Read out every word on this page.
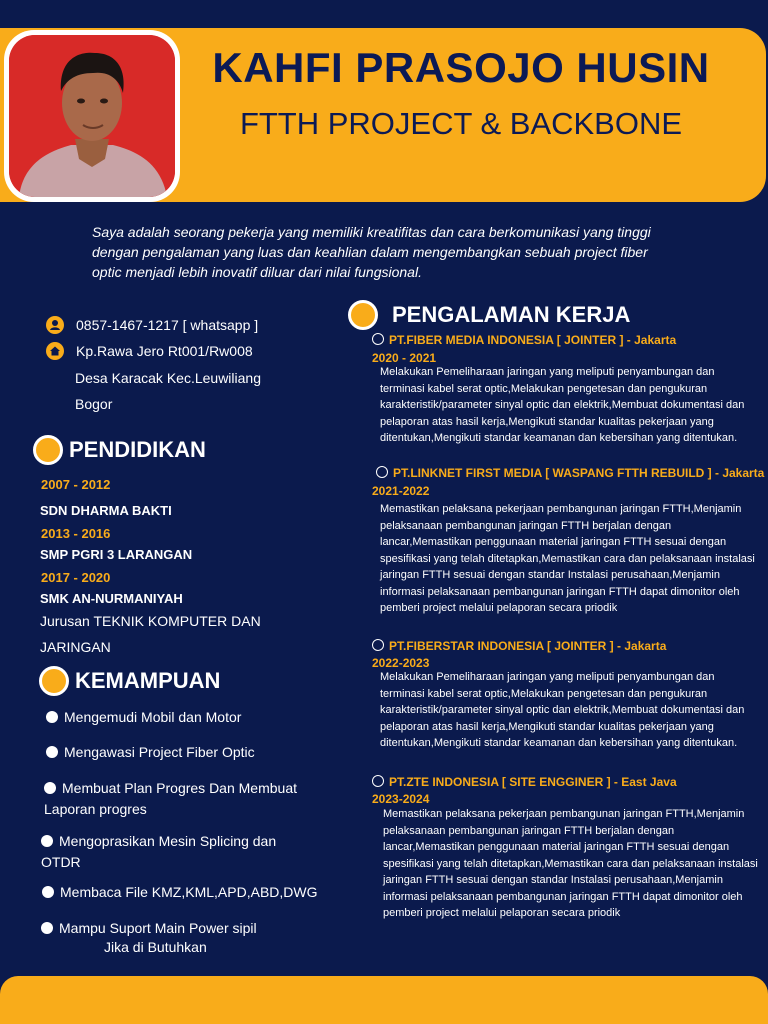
KAHFI PRASOJO HUSIN
FTTH PROJECT & BACKBONE
Saya adalah seorang pekerja yang memiliki kreatifitas dan cara berkomunikasi yang tinggi dengan pengalaman yang luas dan keahlian dalam mengembangkan sebuah project fiber optic menjadi lebih inovatif diluar dari nilai fungsional.
0857-1467-1217 [ whatsapp ]
Kp.Rawa Jero Rt001/Rw008
Desa Karacak Kec.Leuwiliang
Bogor
PENDIDIKAN
2007 - 2012
SDN DHARMA BAKTI
2013 - 2016
SMP PGRI 3 LARANGAN
2017 - 2020
SMK AN-NURMANIYAH
Jurusan TEKNIK KOMPUTER DAN
JARINGAN
KEMAMPUAN
Mengemudi Mobil dan Motor
Mengawasi Project Fiber Optic
Membuat Plan Progres Dan Membuat Laporan progres
Mengoprasikan Mesin Splicing dan OTDR
Membaca File KMZ,KML,APD,ABD,DWG
Mampu Suport Main Power sipil
Jika di Butuhkan
PENGALAMAN KERJA
PT.FIBER MEDIA INDONESIA [ JOINTER ] - Jakarta
2020 - 2021
Melakukan Pemeliharaan jaringan yang meliputi penyambungan dan terminasi kabel serat optic,Melakukan pengetesan dan pengukuran karakteristik/parameter sinyal optic dan elektrik,Membuat dokumentasi dan pelaporan atas hasil kerja,Mengikuti standar kualitas pekerjaan yang ditentukan,Mengikuti standar keamanan dan kebersihan yang ditentukan.
PT.LINKNET FIRST MEDIA [ WASPANG FTTH REBUILD ] - Jakarta
2021-2022
Memastikan pelaksana pekerjaan pembangunan jaringan FTTH,Menjamin pelaksanaan pembangunan jaringan FTTH berjalan dengan lancar,Memastikan penggunaan material jaringan FTTH sesuai dengan spesifikasi yang telah ditetapkan,Memastikan cara dan pelaksanaan instalasi jaringan FTTH sesuai dengan standar Instalasi perusahaan,Menjamin informasi pelaksanaan pembangunan jaringan FTTH dapat dimonitor oleh pemberi project melalui pelaporan secara priodik
PT.FIBERSTAR INDONESIA [ JOINTER ] - Jakarta
2022-2023
Melakukan Pemeliharaan jaringan yang meliputi penyambungan dan terminasi kabel serat optic,Melakukan pengetesan dan pengukuran karakteristik/parameter sinyal optic dan elektrik,Membuat dokumentasi dan pelaporan atas hasil kerja,Mengikuti standar kualitas pekerjaan yang ditentukan,Mengikuti standar keamanan dan kebersihan yang ditentukan.
PT.ZTE INDONESIA [ SITE ENGGINER ] - East Java
2023-2024
Memastikan pelaksana pekerjaan pembangunan jaringan FTTH,Menjamin pelaksanaan pembangunan jaringan FTTH berjalan dengan lancar,Memastikan penggunaan material jaringan FTTH sesuai dengan spesifikasi yang telah ditetapkan,Memastikan cara dan pelaksanaan instalasi jaringan FTTH sesuai dengan standar Instalasi perusahaan,Menjamin informasi pelaksanaan pembangunan jaringan FTTH dapat dimonitor oleh pemberi project melalui pelaporan secara priodik
